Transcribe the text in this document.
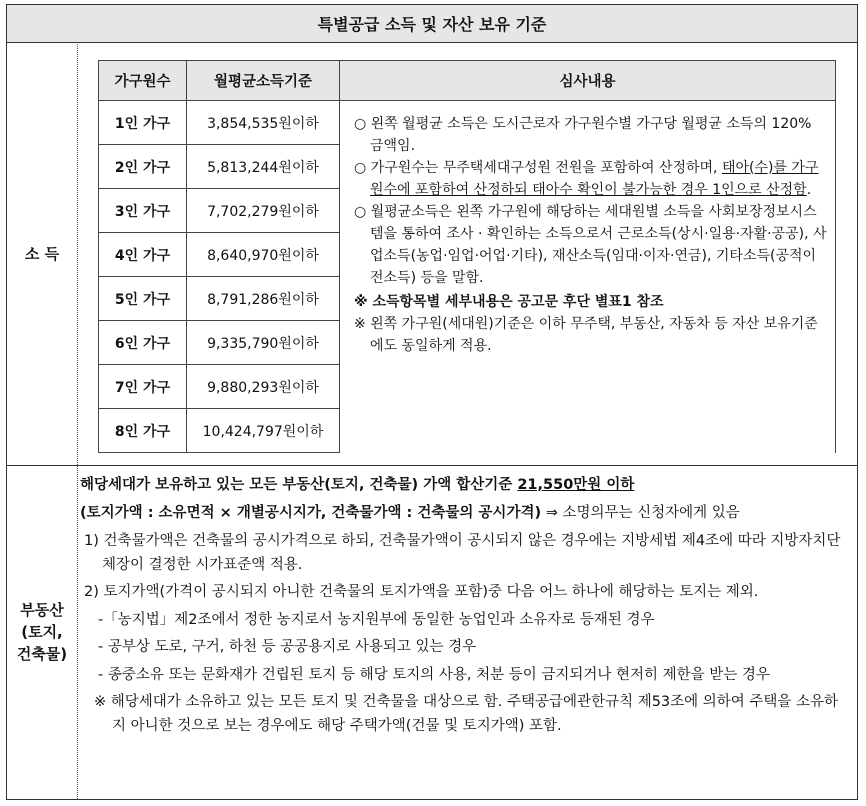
특별공급 소득 및 자산 보유 기준
소 득
가구원수	월평균소득기준	심사내용
1인 가구	3,854,535원이하	○ 왼쪽 월평균 소득은 도시근로자 가구원수별 가구당 월평균 소득의 120% 금액임.
○ 가구원수는 무주택세대구성원 전원을 포함하여 산정하며, 태아(수)를 가구원수에 포함하여 산정하되 태아수 확인이 불가능한 경우 1인으로 산정함.
○ 월평균소득은 왼쪽 가구원에 해당하는 세대원별 소득을 사회보장정보시스템을 통하여 조사 · 확인하는 소득으로서 근로소득(상시·일용·자활·공공), 사업소득(농업·임업·어업·기타), 재산소득(임대·이자·연금), 기타소득(공적이전소득) 등을 말함.
※ 소득항목별 세부내용은 공고문 후단 별표1 참조
※ 왼쪽 가구원(세대원)기준은 이하 무주택, 부동산, 자동차 등 자산 보유기준에도 동일하게 적용.

2인 가구	5,813,244원이하	
3인 가구	7,702,279원이하	
4인 가구	8,640,970원이하	
5인 가구	8,791,286원이하	
6인 가구	9,335,790원이하	
7인 가구	9,880,293원이하	
8인 가구	10,424,797원이하	
부동산
(토지,
건축물)

해당세대가 보유하고 있는 모든 부동산(토지, 건축물) 가액 합산기준 21,550만원 이하

(토지가액 : 소유면적 × 개별공시지가, 건축물가액 : 건축물의 공시가격) ⇒ 소명의무는 신청자에게 있음

1) 건축물가액은 건축물의 공시가격으로 하되, 건축물가액이 공시되지 않은 경우에는 지방세법 제4조에 따라 지방자치단체장이 결정한 시가표준액 적용.

2) 토지가액(가격이 공시되지 아니한 건축물의 토지가액을 포함)중 다음 어느 하나에 해당하는 토지는 제외.

-「농지법」제2조에서 정한 농지로서 농지원부에 동일한 농업인과 소유자로 등재된 경우

- 공부상 도로, 구거, 하천 등 공공용지로 사용되고 있는 경우

- 종중소유 또는 문화재가 건립된 토지 등 해당 토지의 사용, 처분 등이 금지되거나 현저히 제한을 받는 경우

※ 해당세대가 소유하고 있는 모든 토지 및 건축물을 대상으로 함. 주택공급에관한규칙 제53조에 의하여 주택을 소유하지 아니한 것으로 보는 경우에도 해당 주택가액(건물 및 토지가액) 포함.
